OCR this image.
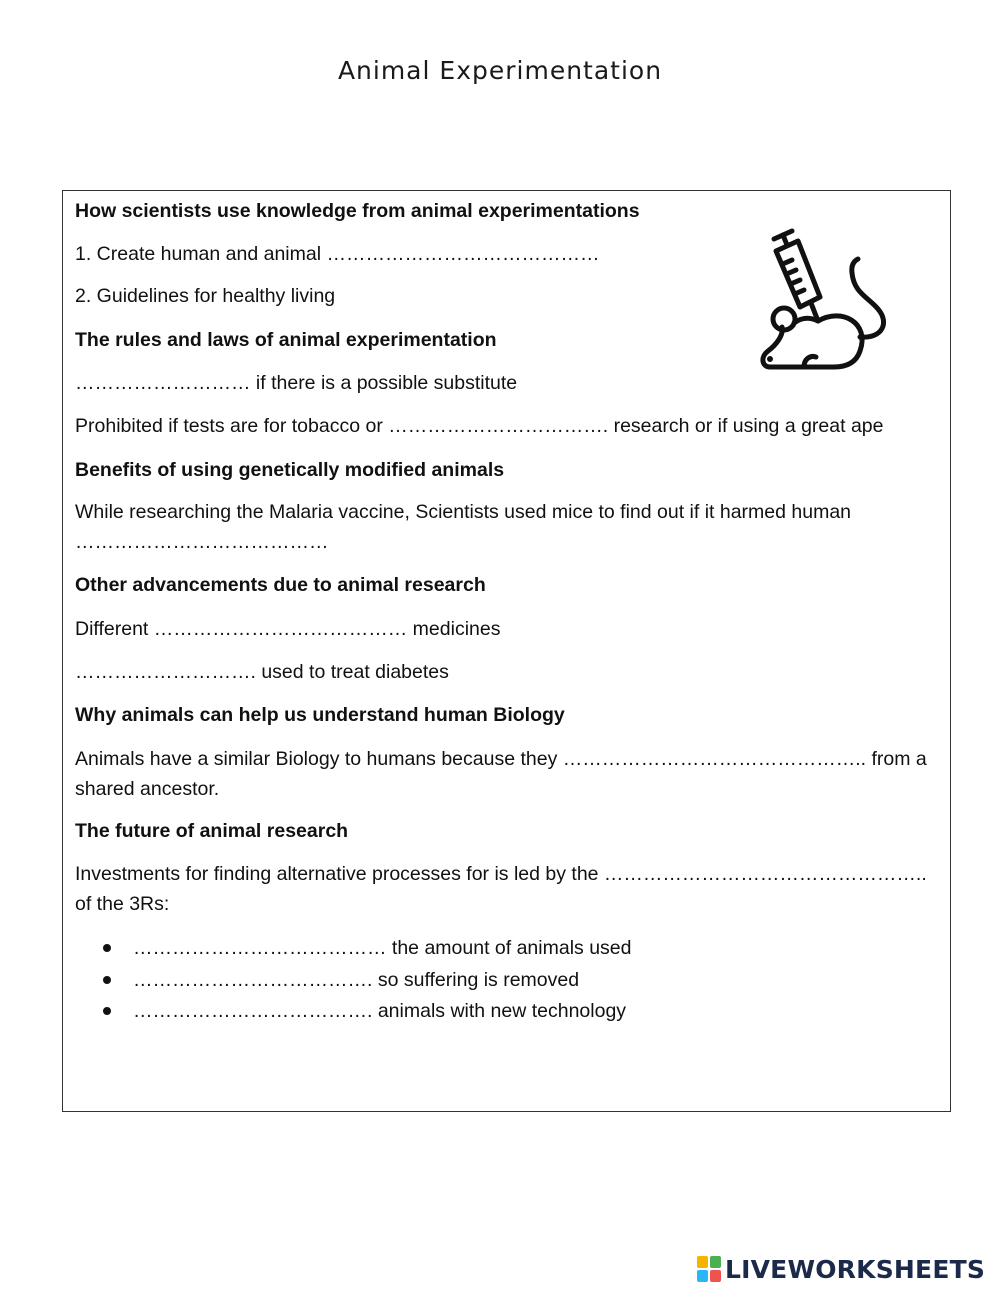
Animal Experimentation

How scientists use knowledge from animal experimentations

1. Create human and animal ……………………………………

2. Guidelines for healthy living

The rules and laws of animal experimentation

……………………… if there is a possible substitute

Prohibited if tests are for tobacco or ……………………………. research or if using a great ape

Benefits of using genetically modified animals

While researching the Malaria vaccine, Scientists used mice to find out if it harmed human …………………………………

Other advancements due to animal research

Different ………………………………… medicines

………………………. used to treat diabetes

Why animals can help us understand human Biology

Animals have a similar Biology to humans because they ……………………………………….. from a shared ancestor.

The future of animal research

Investments for finding alternative processes for is led by the ………………………………………….. of the 3Rs:

………………………………… the amount of animals used
………………………………. so suffering is removed
………………………………. animals with new technology
LIVEWORKSHEETS
